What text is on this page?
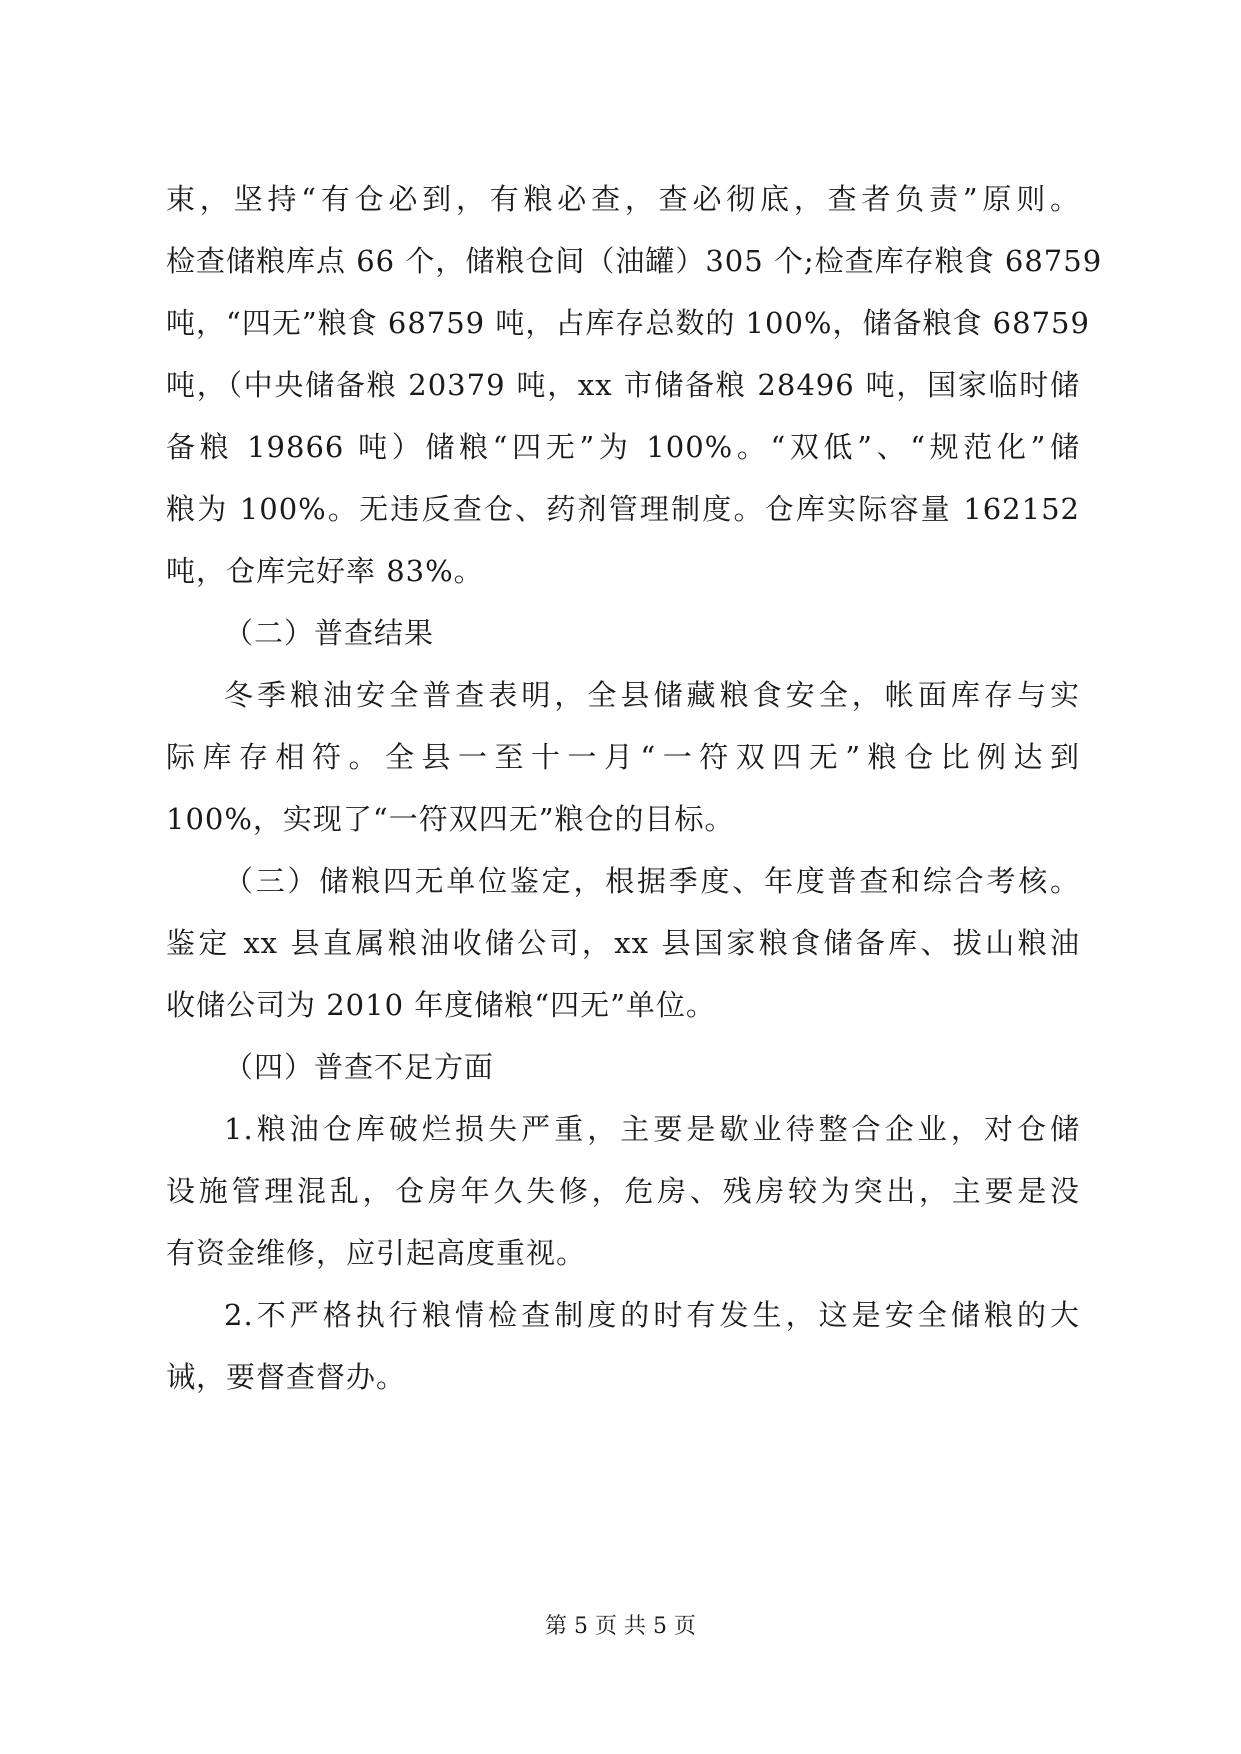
束，坚持“有仓必到，有粮必查，查必彻底，查者负责”原则。
检查储粮库点 66 个，储粮仓间（油罐）305 个;检查库存粮食 68759
吨，“四无”粮食 68759 吨，占库存总数的 100%，储备粮食 68759
吨，（中央储备粮 20379 吨，xx 市储备粮 28496 吨，国家临时储
备粮 19866 吨）储粮“四无”为 100%。“双低”、“规范化”储
粮为 100%。无违反查仓、药剂管理制度。仓库实际容量 162152
吨，仓库完好率 83%。
（二）普查结果
冬季粮油安全普查表明，全县储藏粮食安全，帐面库存与实
际库存相符。全县一至十一月“一符双四无”粮仓比例达到
100%，实现了“一符双四无”粮仓的目标。
（三）储粮四无单位鉴定，根据季度、年度普查和综合考核。
鉴定 xx 县直属粮油收储公司，xx 县国家粮食储备库、拔山粮油
收储公司为 2010 年度储粮“四无”单位。
（四）普查不足方面
1.粮油仓库破烂损失严重，主要是歇业待整合企业，对仓储
设施管理混乱，仓房年久失修，危房、残房较为突出，主要是没
有资金维修，应引起高度重视。
2.不严格执行粮情检查制度的时有发生，这是安全储粮的大
诫，要督查督办。
第 5 页 共 5 页
